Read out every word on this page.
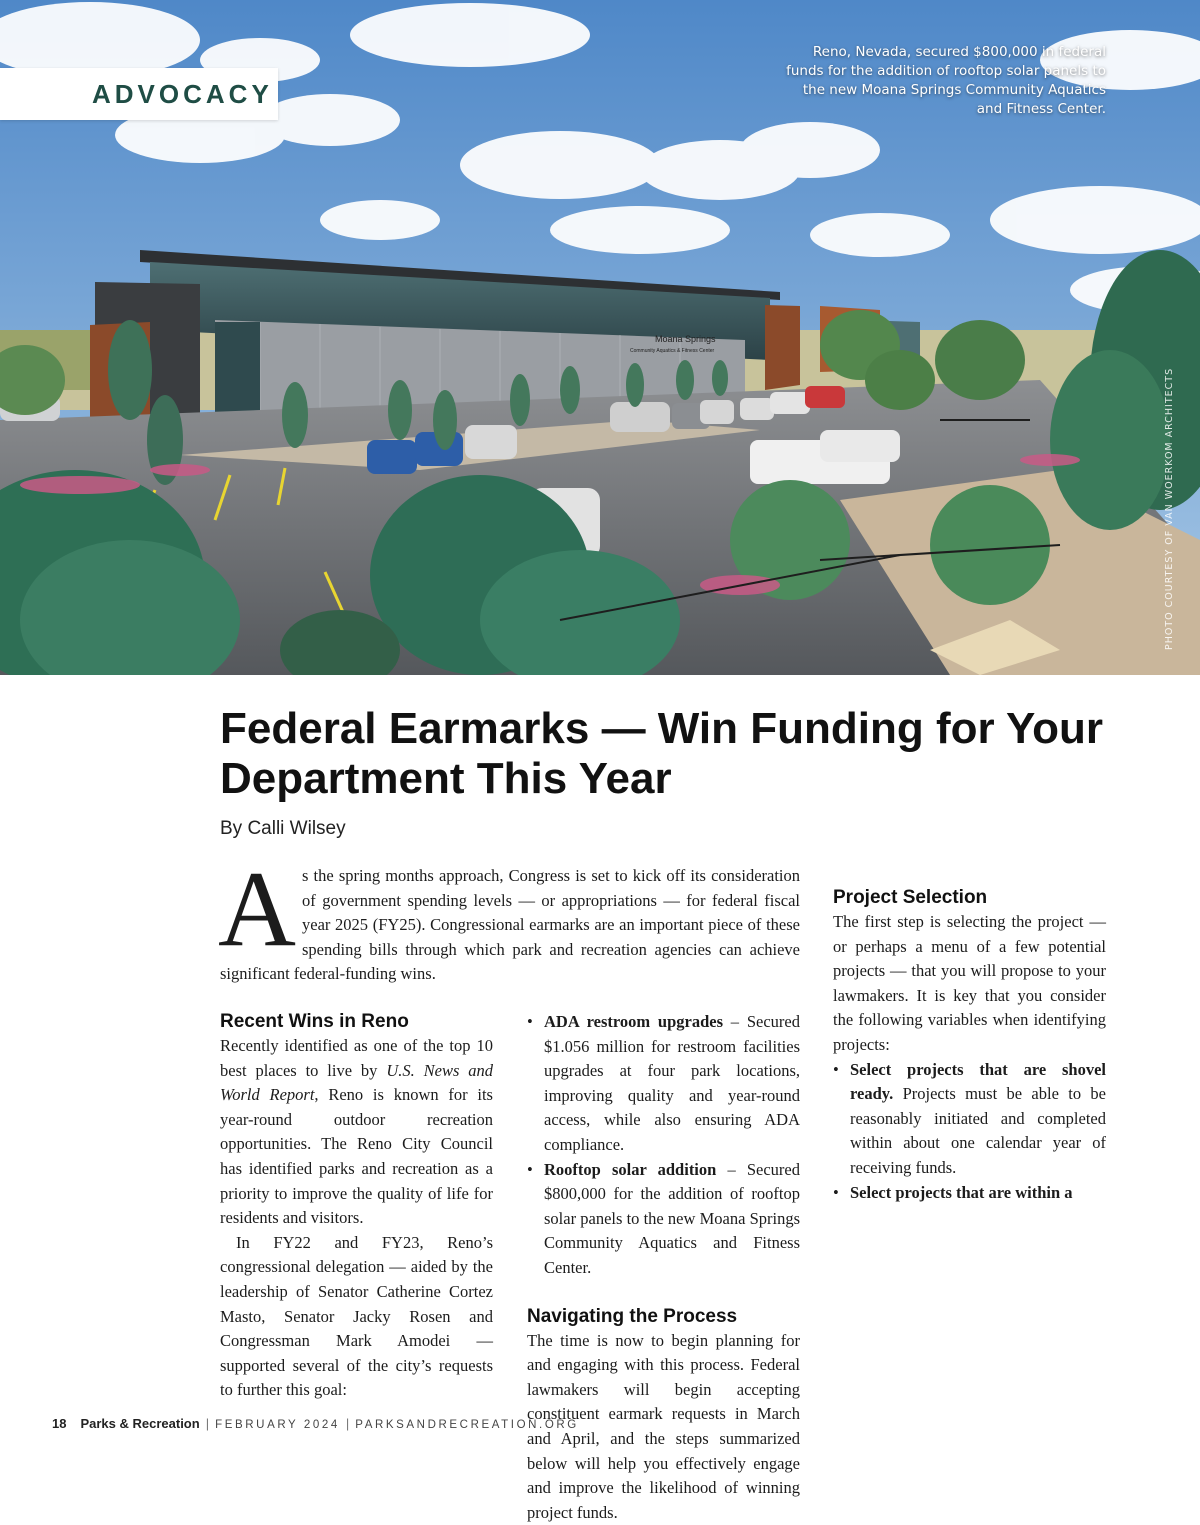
Moana Springs
Community Aquatics & Fitness Center
ADVOCACY
Reno, Nevada, secured $800,000 in federal funds for the addition of rooftop solar panels to the new Moana Springs Community Aquatics and Fitness Center.
PHOTO COURTESY OF VAN WOERKOM ARCHITECTS
Federal Earmarks — Win Funding for Your Department This Year
By Calli Wilsey
As the spring months approach, Congress is set to kick off its consideration of government spending levels — or appropriations — for federal fiscal year 2025 (FY25). Congressional earmarks are an important piece of these spending bills through which park and recreation agencies can achieve significant federal-funding wins.
Recent Wins in Reno

Recently identified as one of the top 10 best places to live by U.S. News and World Report, Reno is known for its year-round outdoor recreation opportunities. The Reno City Council has identified parks and recreation as a priority to improve the quality of life for residents and visitors.

In FY22 and FY23, Reno’s congressional delegation — aided by the leadership of Senator Catherine Cortez Masto, Senator Jacky Rosen and Congressman Mark Amodei — supported several of the city’s requests to further this goal:

• ADA restroom upgrades – Secured $1.056 million for restroom facilities upgrades at four park locations, improving quality and year-round access, while also ensuring ADA compliance.
• Rooftop solar addition – Secured $800,000 for the addition of rooftop solar panels to the new Moana Springs Community Aquatics and Fitness Center.
Navigating the Process

The time is now to begin planning for and engaging with this process. Federal lawmakers will begin accepting constituent earmark requests in March and April, and the steps summarized below will help you effectively engage and improve the likelihood of winning project funds.

Project Selection

The first step is selecting the project — or perhaps a menu of a few potential projects — that you will propose to your lawmakers. It is key that you consider the following variables when identifying projects:

• Select projects that are shovel ready. Projects must be able to be reasonably initiated and completed within about one calendar year of receiving funds.
• Select projects that are within a
18 Parks & Recreation | FEBRUARY 2024 | PARKSANDRECREATION.ORG
